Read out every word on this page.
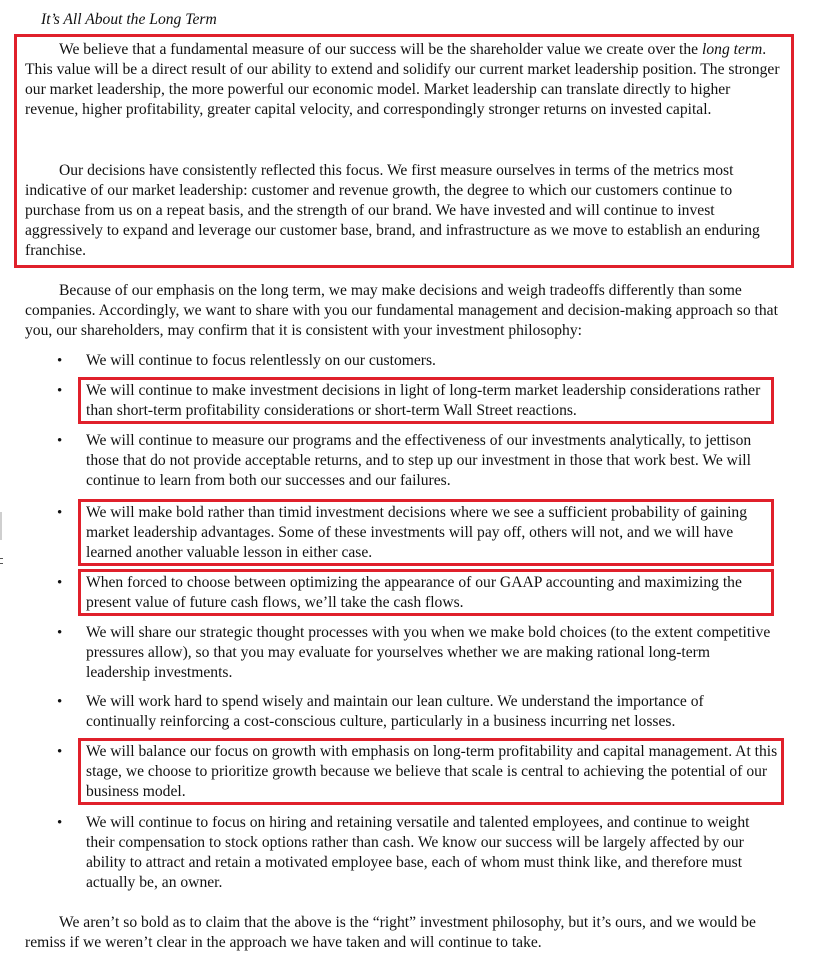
It’s All About the Long Term

We believe that a fundamental measure of our success will be the shareholder value we create over the long term. This value will be a direct result of our ability to extend and solidify our current market leadership position. The stronger our market leadership, the more powerful our economic model. Market leadership can translate directly to higher revenue, higher profitability, greater capital velocity, and correspondingly stronger returns on invested capital.

Our decisions have consistently reflected this focus. We first measure ourselves in terms of the metrics most indicative of our market leadership: customer and revenue growth, the degree to which our customers continue to purchase from us on a repeat basis, and the strength of our brand. We have invested and will continue to invest aggressively to expand and leverage our customer base, brand, and infrastructure as we move to establish an enduring franchise.

Because of our emphasis on the long term, we may make decisions and weigh tradeoffs differently than some companies. Accordingly, we want to share with you our fundamental management and decision-making approach so that you, our shareholders, may confirm that it is consistent with your investment philosophy:

•	We will continue to focus relentlessly on our customers.
•	We will continue to make investment decisions in light of long-term market leadership considerations rather than short-term profitability considerations or short-term Wall Street reactions.
•	We will continue to measure our programs and the effectiveness of our investments analytically, to jettison those that do not provide acceptable returns, and to step up our investment in those that work best. We will continue to learn from both our successes and our failures.
•	We will make bold rather than timid investment decisions where we see a sufficient probability of gaining market leadership advantages. Some of these investments will pay off, others will not, and we will have learned another valuable lesson in either case.
•	When forced to choose between optimizing the appearance of our GAAP accounting and maximizing the present value of future cash flows, we’ll take the cash flows.
•	We will share our strategic thought processes with you when we make bold choices (to the extent competitive pressures allow), so that you may evaluate for yourselves whether we are making rational long-term leadership investments.
•	We will work hard to spend wisely and maintain our lean culture. We understand the importance of continually reinforcing a cost-conscious culture, particularly in a business incurring net losses.
•	We will balance our focus on growth with emphasis on long-term profitability and capital management. At this stage, we choose to prioritize growth because we believe that scale is central to achieving the potential of our business model.
•	We will continue to focus on hiring and retaining versatile and talented employees, and continue to weight their compensation to stock options rather than cash. We know our success will be largely affected by our ability to attract and retain a motivated employee base, each of whom must think like, and therefore must actually be, an owner.

We aren’t so bold as to claim that the above is the “right” investment philosophy, but it’s ours, and we would be remiss if we weren’t clear in the approach we have taken and will continue to take.
